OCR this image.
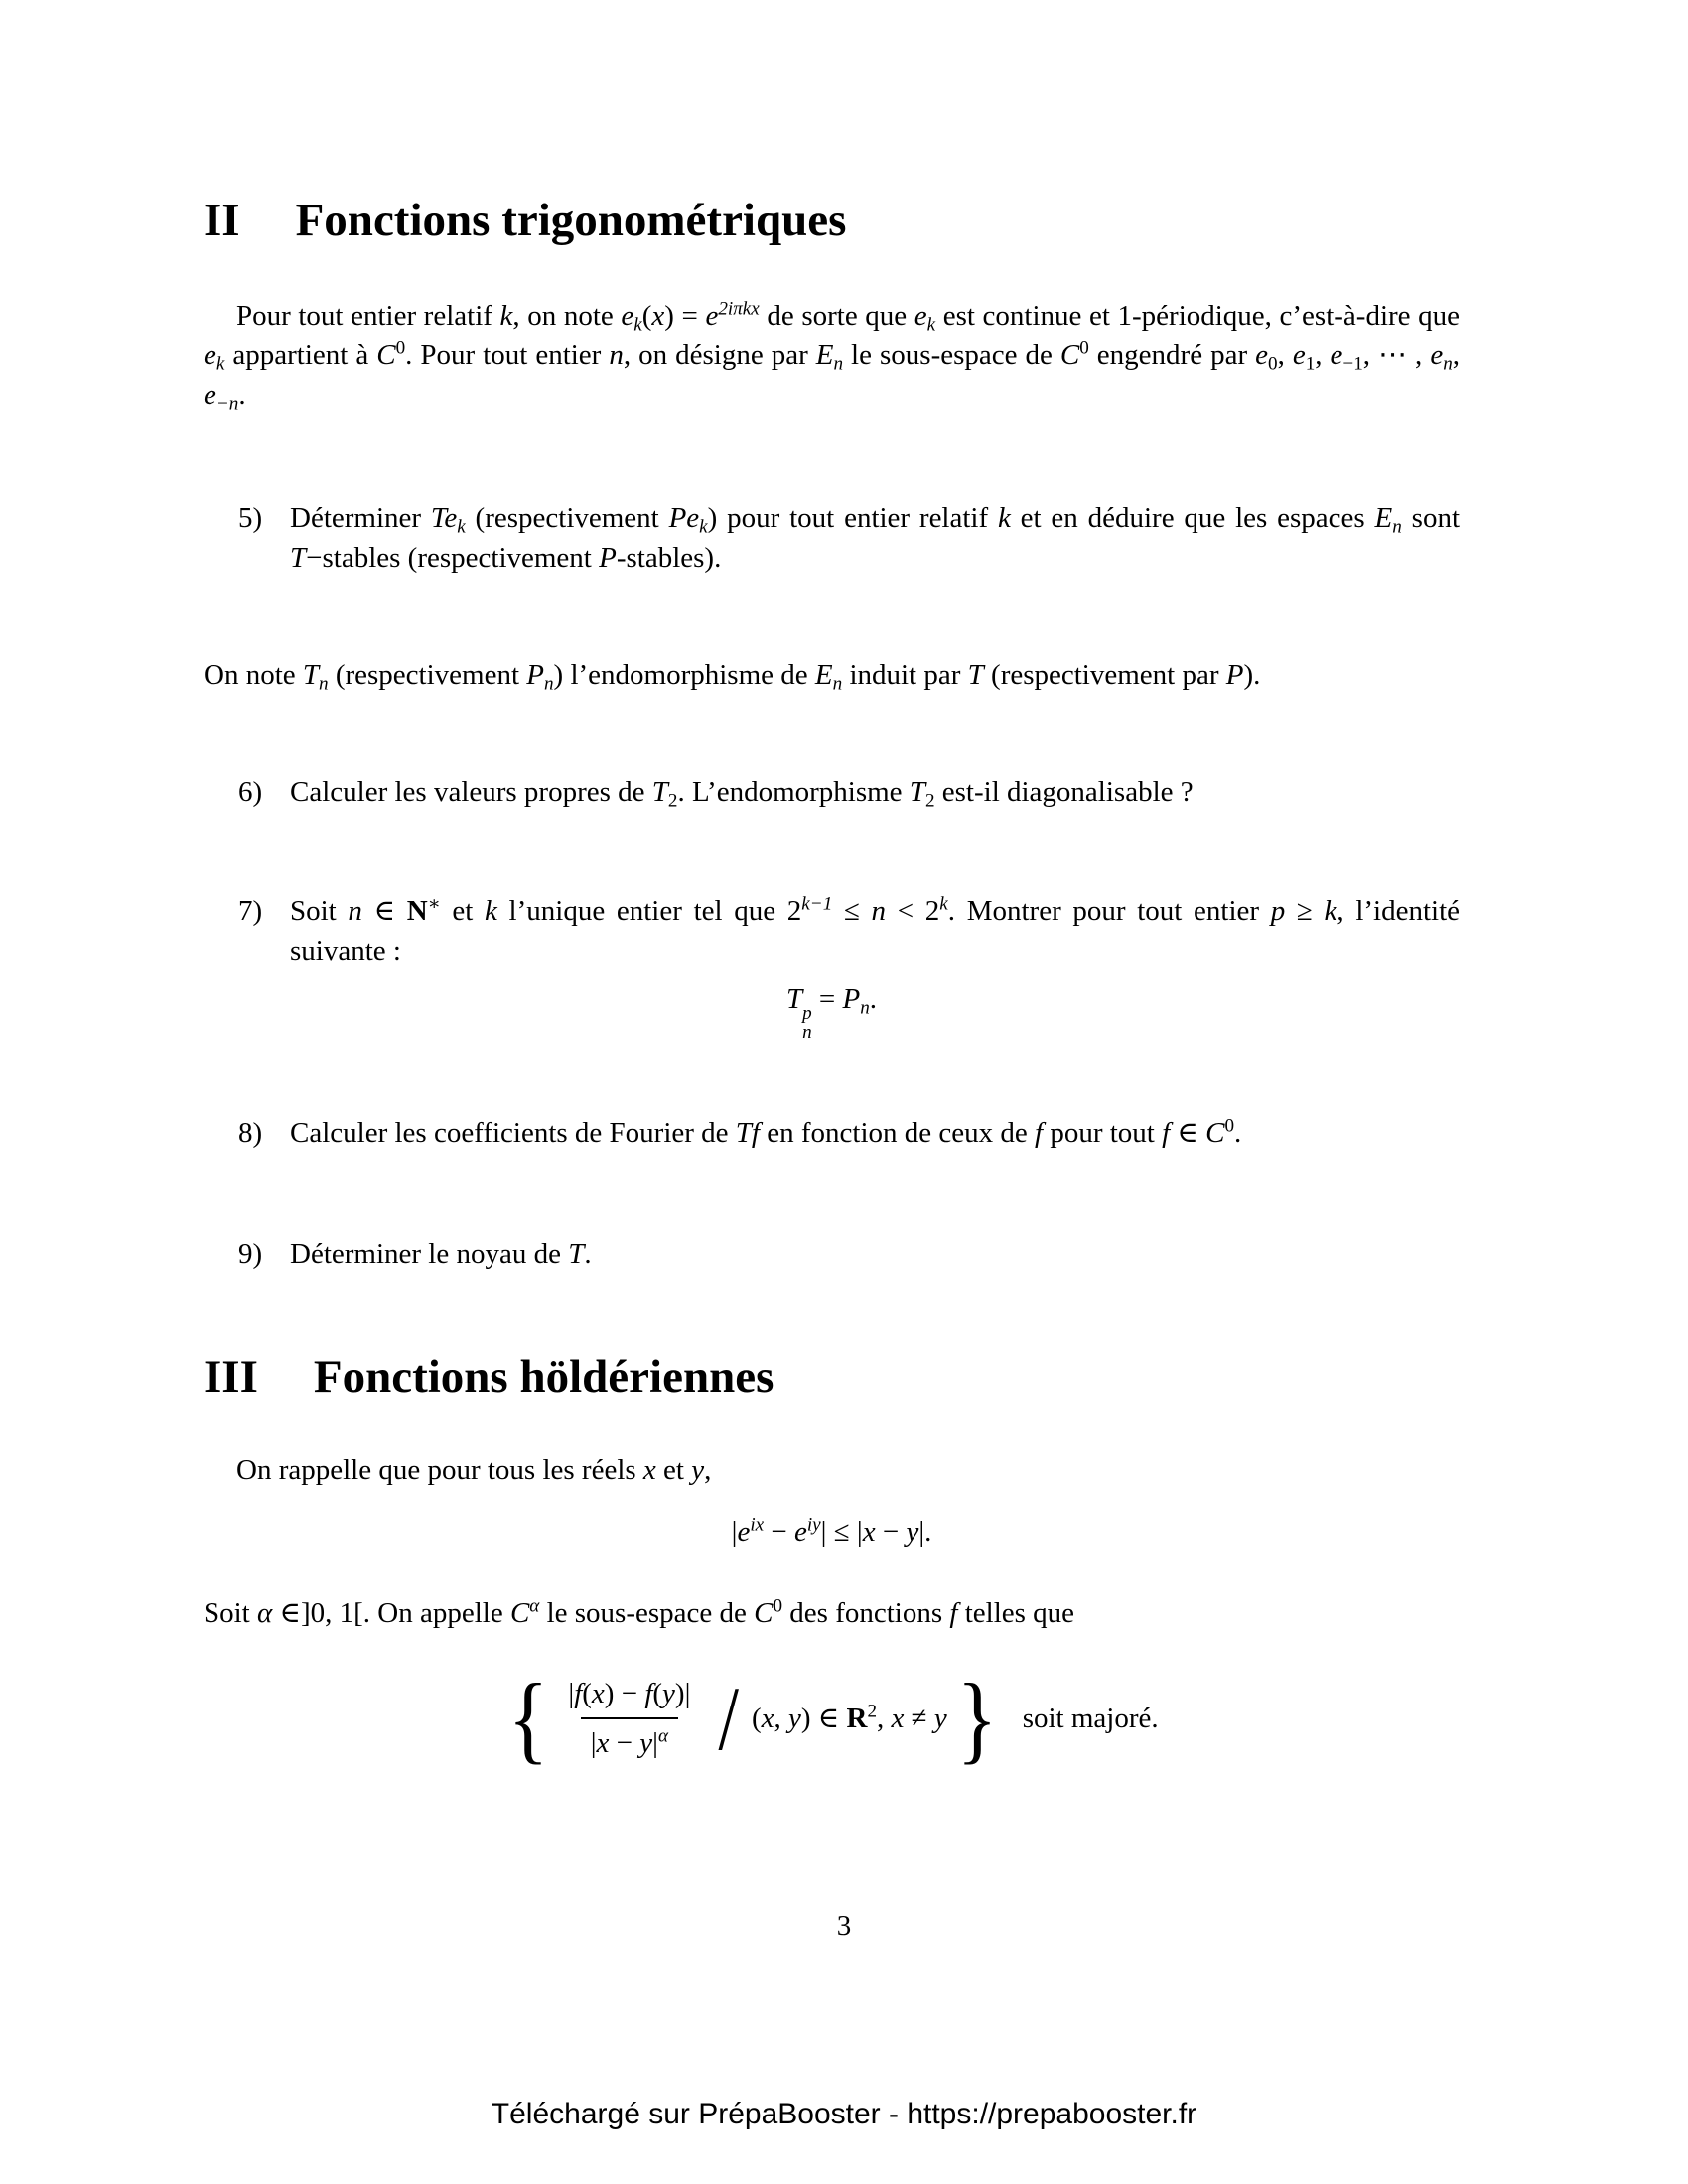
II Fonctions trigonométriques

Pour tout entier relatif k, on note $e_k(x) = e^{2i\pi kx}$ de sorte que $e_k$ est continue et 1-périodique, c’est-à-dire que $e_k$ appartient à $C^0$. Pour tout entier n, on désigne par $E_n$ le sous-espace de $C^0$ engendré par $e_0$, $e_1$, $e_{-1}$, ⋯ , $e_n$, $e_{-n}$.

5) Déterminer $Te_k$ (respectivement $Pe_k$) pour tout entier relatif k et en déduire que les espaces $E_n$ sont T−stables (respectivement P-stables).

On note $T_n$ (respectivement $P_n$) l’endomorphisme de $E_n$ induit par T (respectivement par P).

6) Calculer les valeurs propres de $T_2$. L’endomorphisme $T_2$ est-il diagonalisable ?

7) Soit n ∈ N∗ et k l’unique entier tel que $2^{k-1} \le n < 2^k$. Montrer pour tout entier p ≥ k, l’identité suivante :

T p
n
= $P_n$.
8) Calculer les coefficients de Fourier de Tf en fonction de ceux de f pour tout f ∈ $C^0$.

9) Déterminer le noyau de T.

III Fonctions höldériennes

On rappelle que pour tous les réels x et y,

$|e^{ix} - e^{iy}| \le |x - y|$.

Soit α ∈]0, 1[. On appelle $C^\alpha$ le sous-espace de $C^0$ des fonctions f telles que

{ $\frac{|f(x) - f(y)|}{|x - y|^\alpha} / (x$, y) ∈ $R^2$, x ≠ y } soit majoré.
3
Téléchargé sur PrépaBooster - https://prepabooster.fr
